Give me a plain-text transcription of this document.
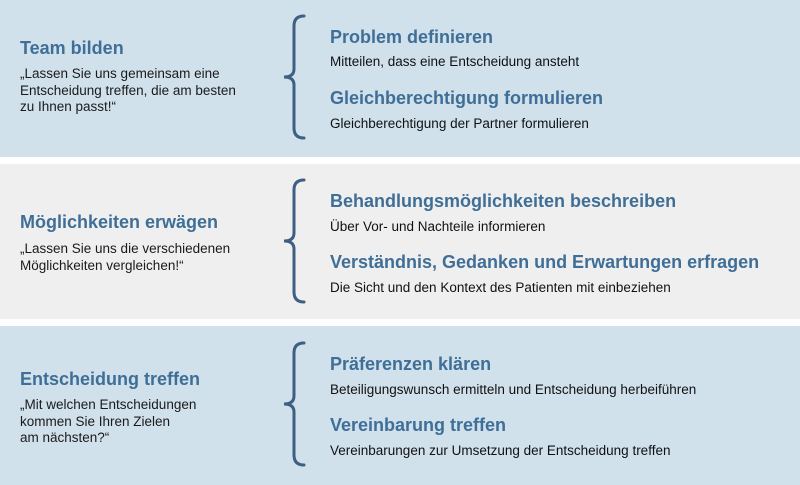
Team bilden

„Lassen Sie uns gemeinsam eine
Entscheidung treffen, die am besten
zu Ihnen passt!“

Problem definieren

Mitteilen, dass eine Entscheidung ansteht

Gleichberechtigung formulieren

Gleichberechtigung der Partner formulieren

Möglichkeiten erwägen

„Lassen Sie uns die verschiedenen
Möglichkeiten vergleichen!“

Behandlungsmöglichkeiten beschreiben

Über Vor- und Nachteile informieren

Verständnis, Gedanken und Erwartungen erfragen

Die Sicht und den Kontext des Patienten mit einbeziehen

Entscheidung treffen

„Mit welchen Entscheidungen
kommen Sie Ihren Zielen
am nächsten?“

Präferenzen klären

Beteiligungswunsch ermitteln und Entscheidung herbeiführen

Vereinbarung treffen

Vereinbarungen zur Umsetzung der Entscheidung treffen
